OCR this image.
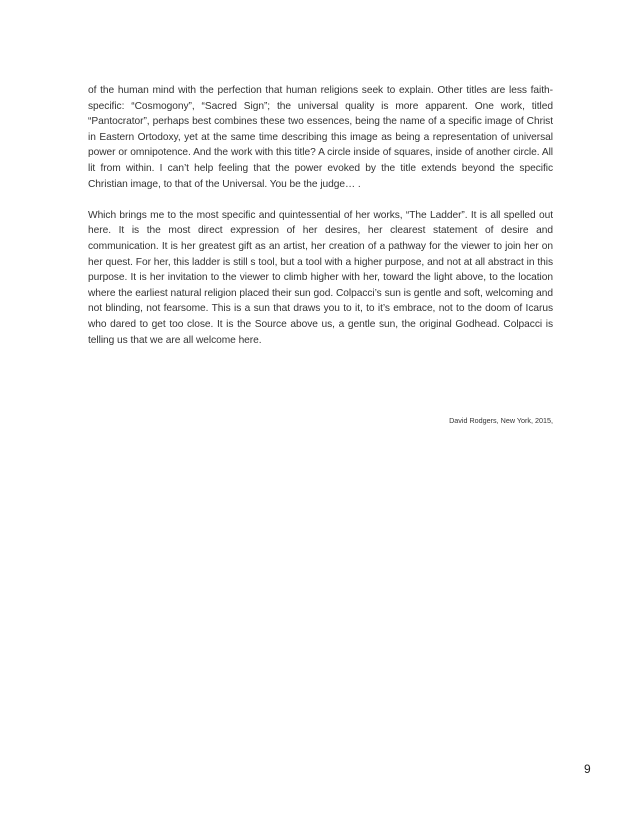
of the human mind with the perfection that human religions seek to explain. Other titles are less faith-specific: “Cosmogony”, “Sacred Sign”; the universal quality is more apparent. One work, titled “Pantocrator”, perhaps best combines these two essences, being the name of a specific image of Christ in Eastern Ortodoxy, yet at the same time describing this image as being a representation of universal power or omnipotence. And the work with this title? A circle inside of squares, inside of another circle. All lit from within. I can’t help feeling that the power evoked by the title extends beyond the specific Christian image, to that of the Universal. You be the judge… .

Which brings me to the most specific and quintessential of her works, “The Ladder”. It is all spelled out here. It is the most direct expression of her desires, her clearest statement of desire and communication. It is her greatest gift as an artist, her creation of a pathway for the viewer to join her on her quest. For her, this ladder is still s tool, but a tool with a higher purpose, and not at all abstract in this purpose. It is her invitation to the viewer to climb higher with her, toward the light above, to the location where the earliest natural religion placed their sun god. Colpacci’s sun is gentle and soft, welcoming and not blinding, not fearsome. This is a sun that draws you to it, to it’s embrace, not to the doom of Icarus who dared to get too close. It is the Source above us, a gentle sun, the original Godhead. Colpacci is telling us that we are all welcome here.

David Rodgers, New York, 2015,
9
